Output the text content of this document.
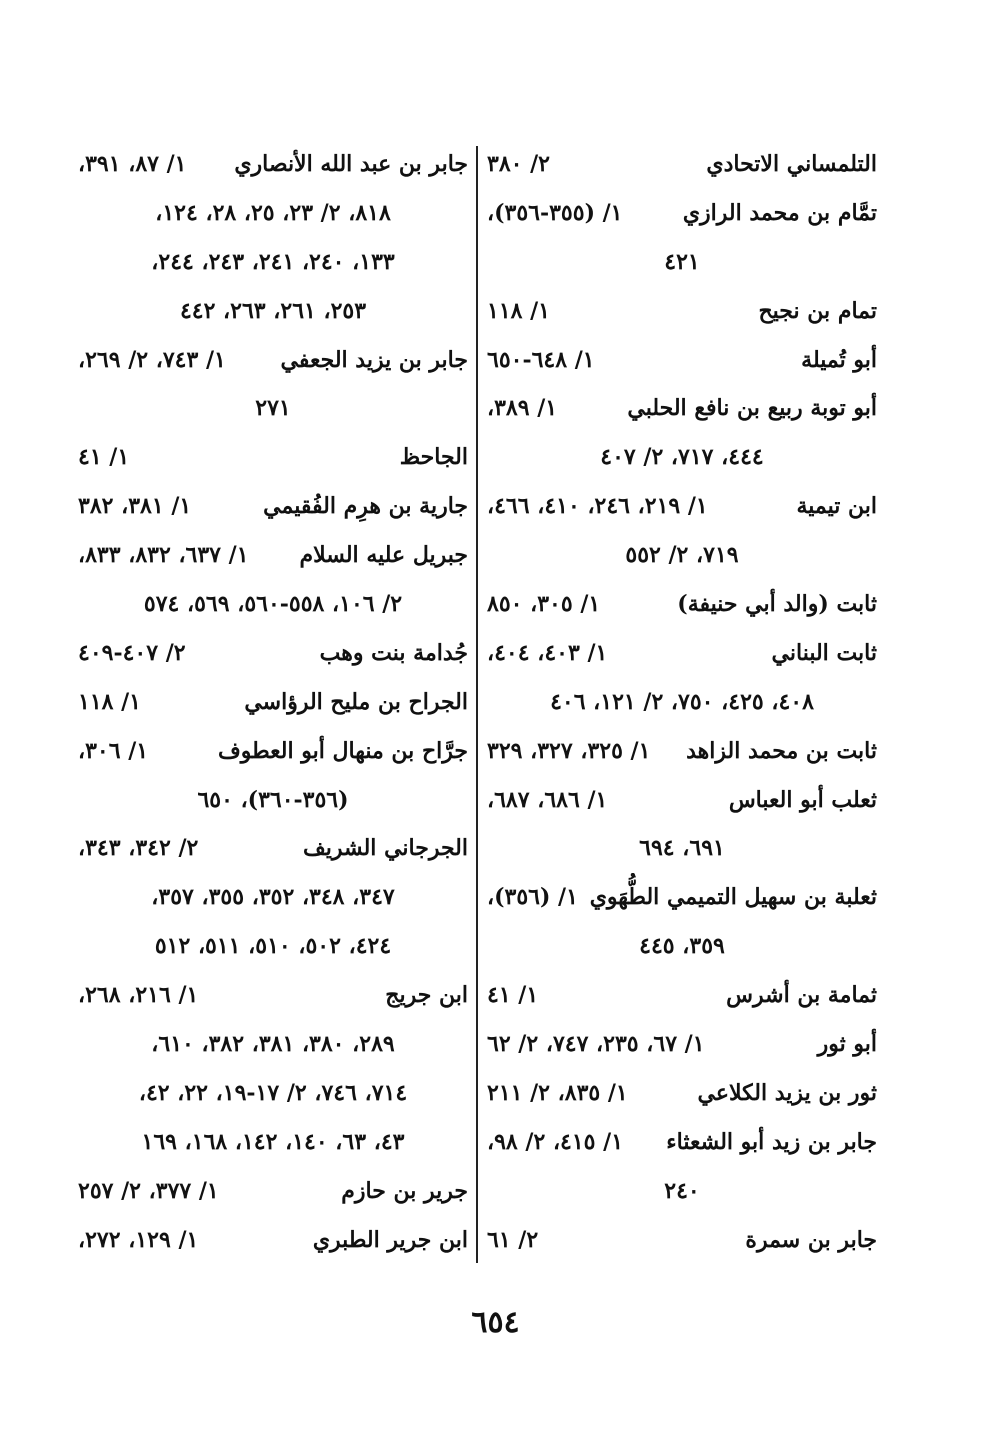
التلمساني الاتحادي
٢/ ٣٨٠
تمَّام بن محمد الرازي
١/ (٣٥٥-٣٥٦)،
٤٢١
تمام بن نجيح
١/ ١١٨
أبو تُميلة
١/ ٦٤٨-٦٥٠
أبو توبة ربيع بن نافع الحلبي
١/ ٣٨٩،
٤٤٤، ٧١٧، ٢/ ٤٠٧
ابن تيمية
١/ ٢١٩، ٢٤٦، ٤١٠، ٤٦٦،
٧١٩، ٢/ ٥٥٢
ثابت (والد أبي حنيفة)
١/ ٣٠٥، ٨٥٠
ثابت البناني
١/ ٤٠٣، ٤٠٤،
٤٠٨، ٤٢٥، ٧٥٠، ٢/ ١٢١، ٤٠٦
ثابت بن محمد الزاهد
١/ ٣٢٥، ٣٢٧، ٣٢٩
ثعلب أبو العباس
١/ ٦٨٦، ٦٨٧،
٦٩١، ٦٩٤
ثعلبة بن سهيل التميمي الطُّهَوي
١/ (٣٥٦)،
٣٥٩، ٤٤٥
ثمامة بن أشرس
١/ ٤١
أبو ثور
١/ ٦٧، ٢٣٥، ٧٤٧، ٢/ ٦٢
ثور بن يزيد الكلاعي
١/ ٨٣٥، ٢/ ٢١١
جابر بن زيد أبو الشعثاء
١/ ٤١٥، ٢/ ٩٨،
٢٤٠
جابر بن سمرة
٢/ ٦١
جابر بن عبد الله الأنصاري
١/ ٨٧، ٣٩١،
٨١٨، ٢/ ٢٣، ٢٥، ٢٨، ١٢٤،
١٣٣، ٢٤٠، ٢٤١، ٢٤٣، ٢٤٤،
٢٥٣، ٢٦١، ٢٦٣، ٤٤٢
جابر بن يزيد الجعفي
١/ ٧٤٣، ٢/ ٢٦٩،
٢٧١
الجاحظ
١/ ٤١
جارية بن هرِم الفُقيمي
١/ ٣٨١، ٣٨٢
جبريل عليه السلام
١/ ٦٣٧، ٨٣٢، ٨٣٣،
٢/ ١٠٦، ٥٥٨-٥٦٠، ٥٦٩، ٥٧٤
جُدامة بنت وهب
٢/ ٤٠٧-٤٠٩
الجراح بن مليح الرؤاسي
١/ ١١٨
جرَّاح بن منهال أبو العطوف
١/ ٣٠٦،
(٣٥٦-٣٦٠)، ٦٥٠
الجرجاني الشريف
٢/ ٣٤٢، ٣٤٣،
٣٤٧، ٣٤٨، ٣٥٢، ٣٥٥، ٣٥٧،
٤٢٤، ٥٠٢، ٥١٠، ٥١١، ٥١٢
ابن جريج
١/ ٢١٦، ٢٦٨،
٢٨٩، ٣٨٠، ٣٨١، ٣٨٢، ٦١٠،
٧١٤، ٧٤٦، ٢/ ١٧-١٩، ٢٢، ٤٢،
٤٣، ٦٣، ١٤٠، ١٤٢، ١٦٨، ١٦٩
جرير بن حازم
١/ ٣٧٧، ٢/ ٢٥٧
ابن جرير الطبري
١/ ١٢٩، ٢٧٢،
٦٥٤
